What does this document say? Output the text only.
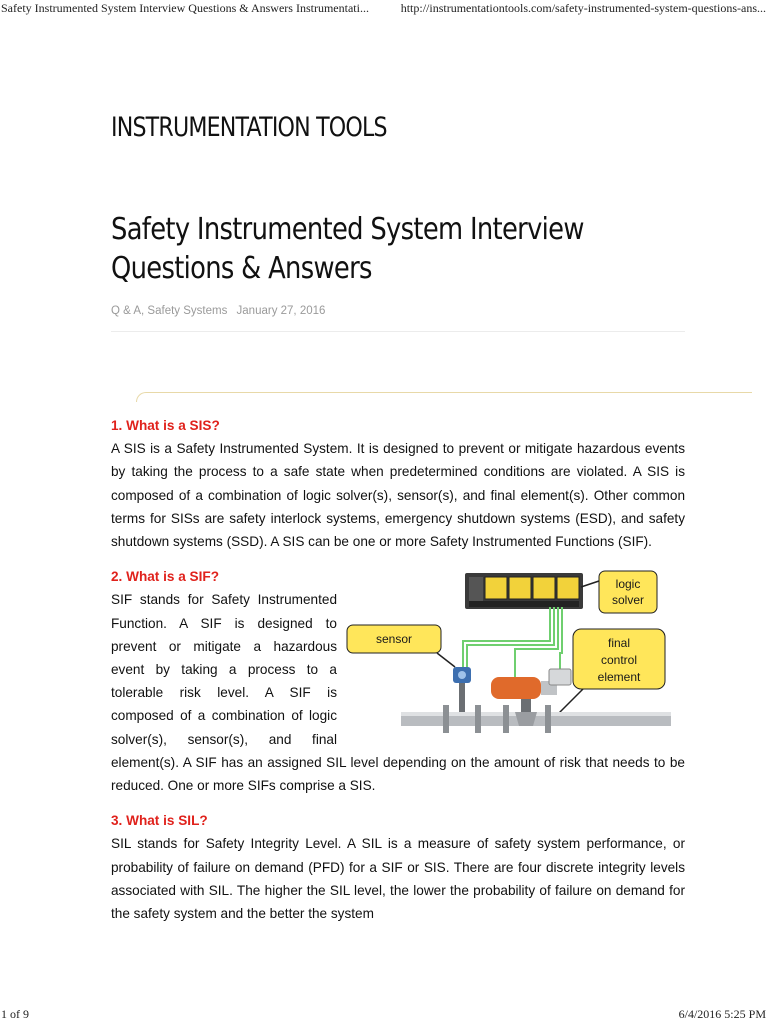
Safety Instrumented System Interview Questions & Answers Instrumentati...	http://instrumentationtools.com/safety-instrumented-system-questions-ans...
INSTRUMENTATION TOOLS
Safety Instrumented System Interview Questions & Answers
Q & A, Safety Systems January 27, 2016
1. What is a SIS?

A SIS is a Safety Instrumented System. It is designed to prevent or mitigate hazardous events by taking the process to a safe state when predetermined conditions are violated. A SIS is composed of a combination of logic solver(s), sensor(s), and final element(s). Other common terms for SISs are safety interlock systems, emergency shutdown systems (ESD), and safety shutdown systems (SSD). A SIS can be one or more Safety Instrumented Functions (SIF).

logic
solver
sensor	final
control
element
2. What is a SIF?

SIF stands for Safety Instrumented Function. A SIF is designed to prevent or mitigate a hazardous event by taking a process to a tolerable risk level. A SIF is composed of a combination of logic solver(s), sensor(s), and final element(s). A SIF has an assigned SIL level depending on the amount of risk that needs to be reduced. One or more SIFs comprise a SIS.

3. What is SIL?

SIL stands for Safety Integrity Level. A SIL is a measure of safety system performance, or probability of failure on demand (PFD) for a SIF or SIS. There are four discrete integrity levels associated with SIL. The higher the SIL level, the lower the probability of failure on demand for the safety system and the better the system

1 of 9	6/4/2016 5:25 PM
